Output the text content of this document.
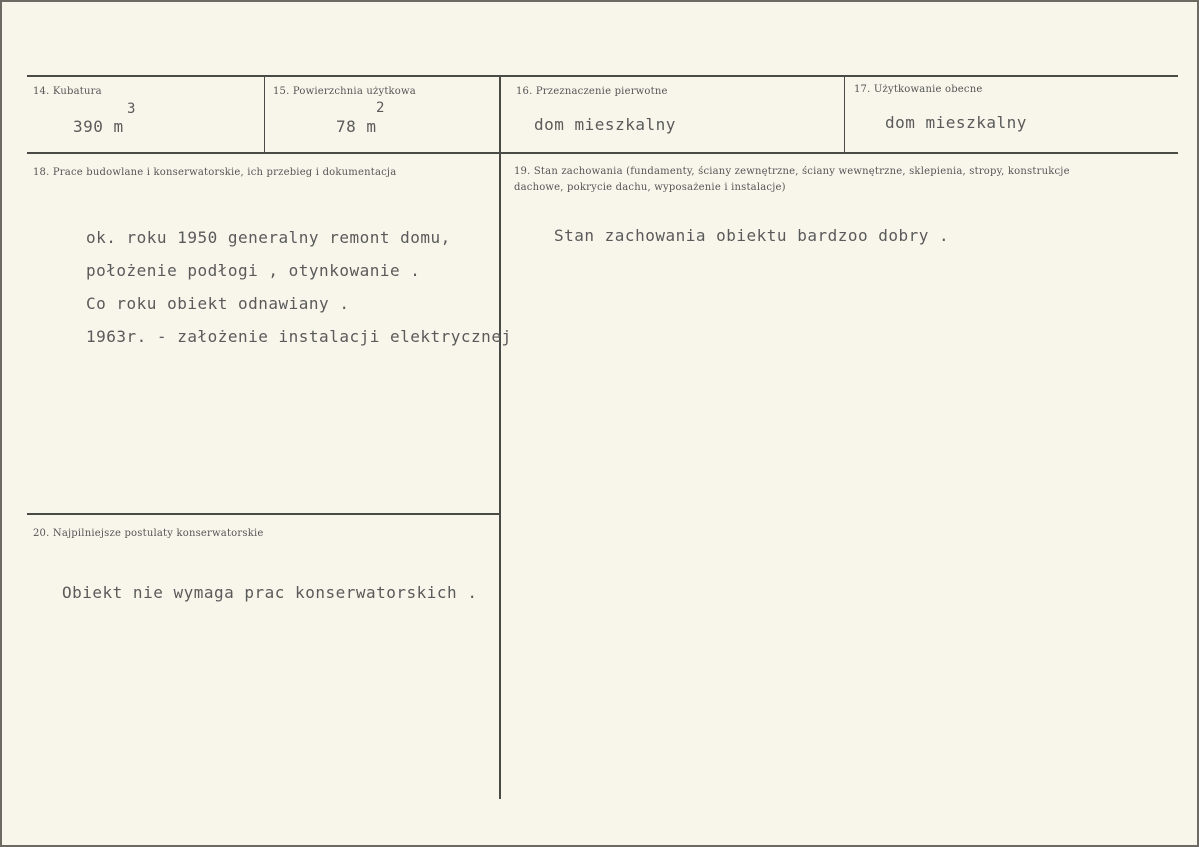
14. Kubatura
390 m
3
15. Powierzchnia użytkowa
78 m
2
16. Przeznaczenie pierwotne
dom mieszkalny
17. Użytkowanie obecne
dom mieszkalny
18. Prace budowlane i konserwatorskie, ich przebieg i dokumentacja
ok. roku 1950 generalny remont domu,
położenie podłogi , otynkowanie .
Co roku obiekt odnawiany .
1963r. - założenie instalacji elektrycznej
19. Stan zachowania (fundamenty, ściany zewnętrzne, ściany wewnętrzne, sklepienia, stropy, konstrukcje dachowe, pokrycie dachu, wyposażenie i instalacje)
Stan zachowania obiektu bardzoo dobry .
20. Najpilniejsze postulaty konserwatorskie
Obiekt nie wymaga prac konserwatorskich .
